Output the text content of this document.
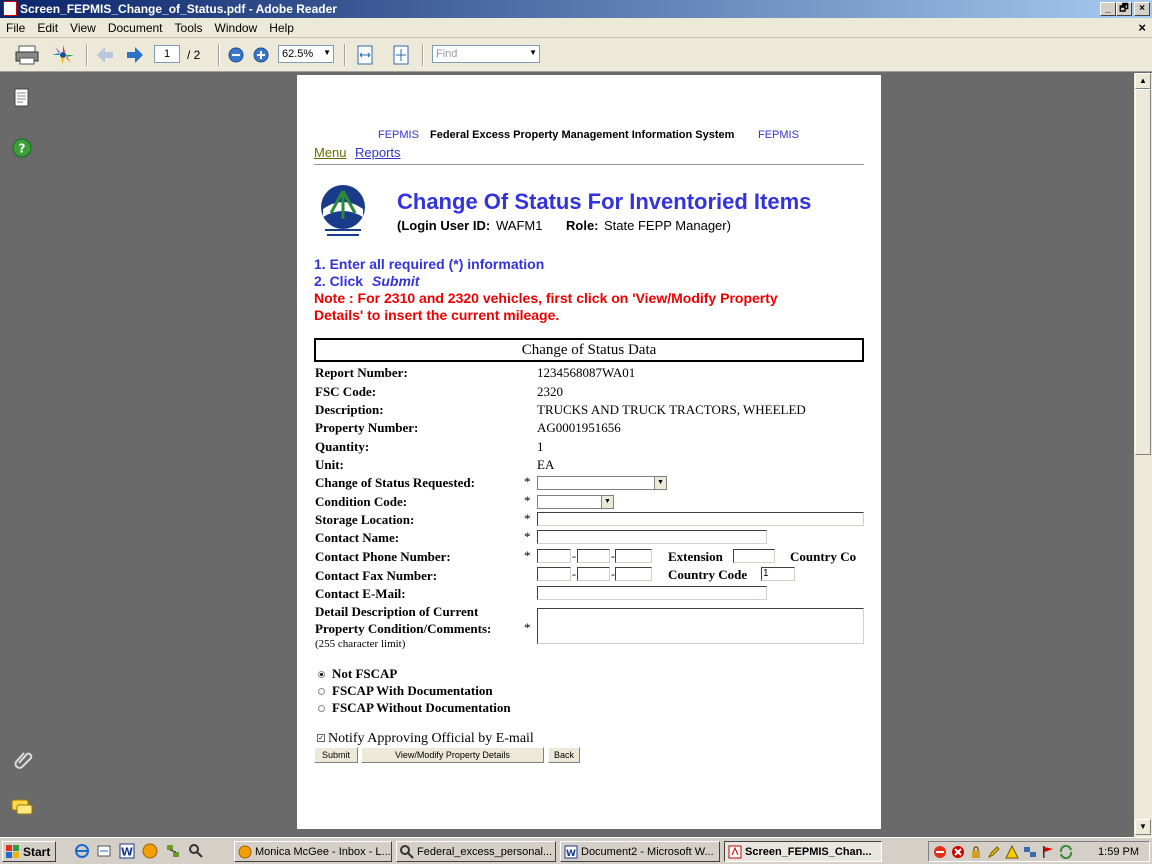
Screen_FEPMIS_Change_of_Status.pdf - Adobe Reader	_ 🗗	×
File Edit View Document Tools Window Help	×
1
/ 2	62.5% ▼	Find	▼
?
FEPMIS Federal Excess Property Management Information System FEPMIS
Menu Reports
Change Of Status For Inventoried Items
(Login User ID: WAFM1 Role: State FEPP Manager)
1. Enter all required (*) information
2. Click Submit
Note : For 2310 and 2320 vehicles, first click on 'View/Modify Property
Details' to insert the current mileage.
Change of Status Data
Report Number:	1234568087WA01
FSC Code:	2320
Description:	TRUCKS AND TRUCK TRACTORS, WHEELED
Property Number:	AG0001951656
Quantity:	1
Unit:	EA
Change of Status Requested:	*	▼
Condition Code:	*	▼
Storage Location:	*
Contact Name:	*
Contact Phone Number:	*	-	-	Extension	Country Co
Contact Fax Number:	-	-	Country Code 1
Contact E-Mail:
Detail Description of Current
Property Condition/Comments:	*
(255 character limit)
Not FSCAP
FSCAP With Documentation
FSCAP Without Documentation
✓ Notify Approving Official by E-mail
Submit	View/Modify Property Details	Back
▲
▼
Start	W	Monica McGee - Inbox - L...	Federal_excess_personal...	W Document2 - Microsoft W...	Screen_FEPMIS_Chan...	1:59 PM
